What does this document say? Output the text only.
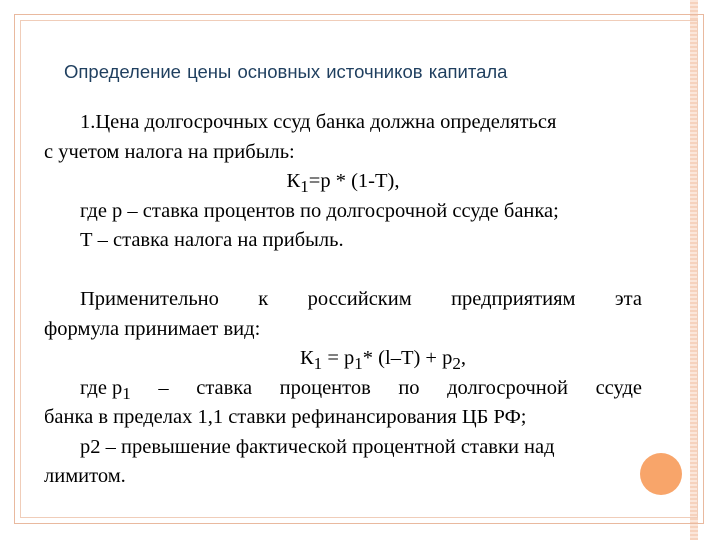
Определение цены основных источников капитала
1.Цена долгосрочных ссуд банка должна определяться
с учетом налога на прибыль:
$К_1=р * (1-Т)$,
где р – ставка процентов по долгосрочной ссуде банка;
Т – ставка налога на прибыль.
Применительно к российским предприятиям эта
формула принимает вид:
$К_1 = p_1*$ $(l-T) + p_2$,
где $р_1$ – ставка процентов по долгосрочной ссуде
банка в пределах 1,1 ставки рефинансирования ЦБ РФ;
р2 – превышение фактической процентной ставки над
лимитом.
